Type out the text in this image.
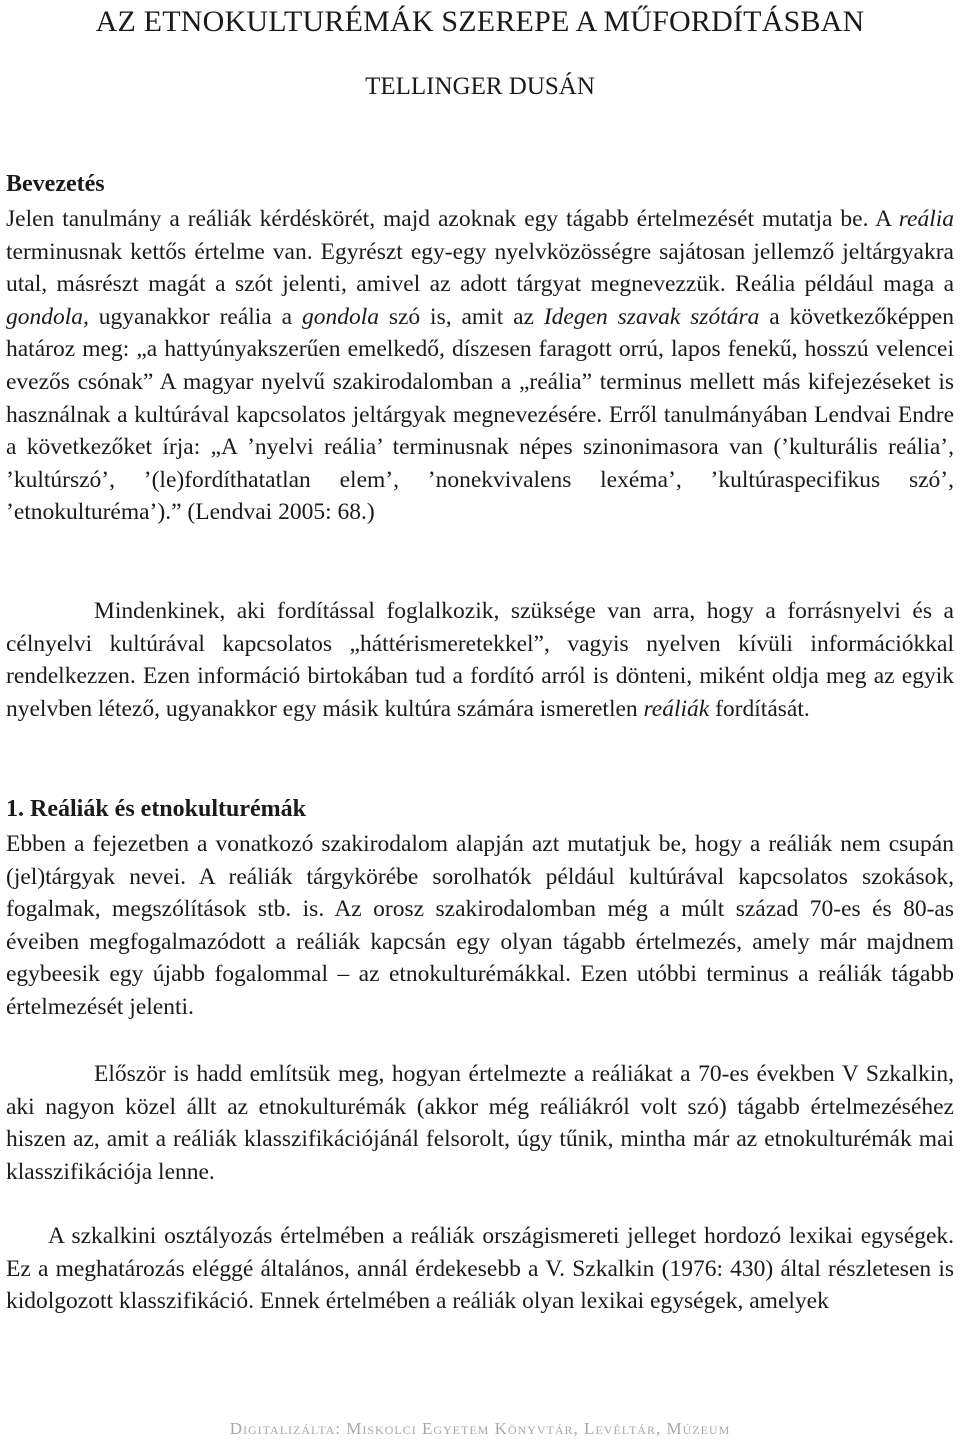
AZ ETNOKULTURÉMÁK SZEREPE A MŰFORDÍTÁSBAN
TELLINGER DUSÁN
Bevezetés
Jelen tanulmány a reáliák kérdéskörét, majd azoknak egy tágabb értelmezését mutatja be. A reália terminusnak kettős értelme van. Egyrészt egy-egy nyelvközösségre sajátosan jellemző jeltárgyakra utal, másrészt magát a szót jelenti, amivel az adott tárgyat megnevezzük. Reália például maga a gondola, ugyanakkor reália a gondola szó is, amit az Idegen szavak szótára a következőképpen határoz meg: „a hattyúnyakszerűen emelkedő, díszesen faragott orrú, lapos fenekű, hosszú velencei evezős csónak” A magyar nyelvű szakirodalomban a „reália” terminus mellett más kifejezéseket is használnak a kultúrával kapcsolatos jeltárgyak megnevezésére. Erről tanulmányában Lendvai Endre a következőket írja: „A ’nyelvi reália’ terminusnak népes szinonimasora van (’kulturális reália’, ’kultúrszó’, ’(le)fordíthatatlan elem’, ’nonekvivalens lexéma’, ’kultúraspecifikus szó’, ’etnokulturéma’).” (Lendvai 2005: 68.)
Mindenkinek, aki fordítással foglalkozik, szüksége van arra, hogy a forrásnyelvi és a célnyelvi kultúrával kapcsolatos „háttérismeretekkel”, vagyis nyelven kívüli információkkal rendelkezzen. Ezen információ birtokában tud a fordító arról is dönteni, miként oldja meg az egyik nyelvben létező, ugyanakkor egy másik kultúra számára ismeretlen reáliák fordítását.
1. Reáliák és etnokulturémák
Ebben a fejezetben a vonatkozó szakirodalom alapján azt mutatjuk be, hogy a reáliák nem csupán (jel)tárgyak nevei. A reáliák tárgykörébe sorolhatók például kultúrával kapcsolatos szokások, fogalmak, megszólítások stb. is. Az orosz szakirodalomban még a múlt század 70-es és 80-as éveiben megfogalmazódott a reáliák kapcsán egy olyan tágabb értelmezés, amely már majdnem egybeesik egy újabb fogalommal – az etnokulturémákkal. Ezen utóbbi terminus a reáliák tágabb értelmezését jelenti.
Először is hadd említsük meg, hogyan értelmezte a reáliákat a 70-es években V Szkalkin, aki nagyon közel állt az etnokulturémák (akkor még reáliákról volt szó) tágabb értelmezéséhez hiszen az, amit a reáliák klasszifikációjánál felsorolt, úgy tűnik, mintha már az etnokulturémák mai klasszifikációja lenne.
A szkalkini osztályozás értelmében a reáliák országismereti jelleget hordozó lexikai egységek. Ez a meghatározás eléggé általános, annál érdekesebb a V. Szkalkin (1976: 430) által részletesen is kidolgozott klasszifikáció. Ennek értelmében a reáliák olyan lexikai egységek, amelyek
Digitalizálta: Miskolci Egyetem Könyvtár, Levéltár, Múzeum
